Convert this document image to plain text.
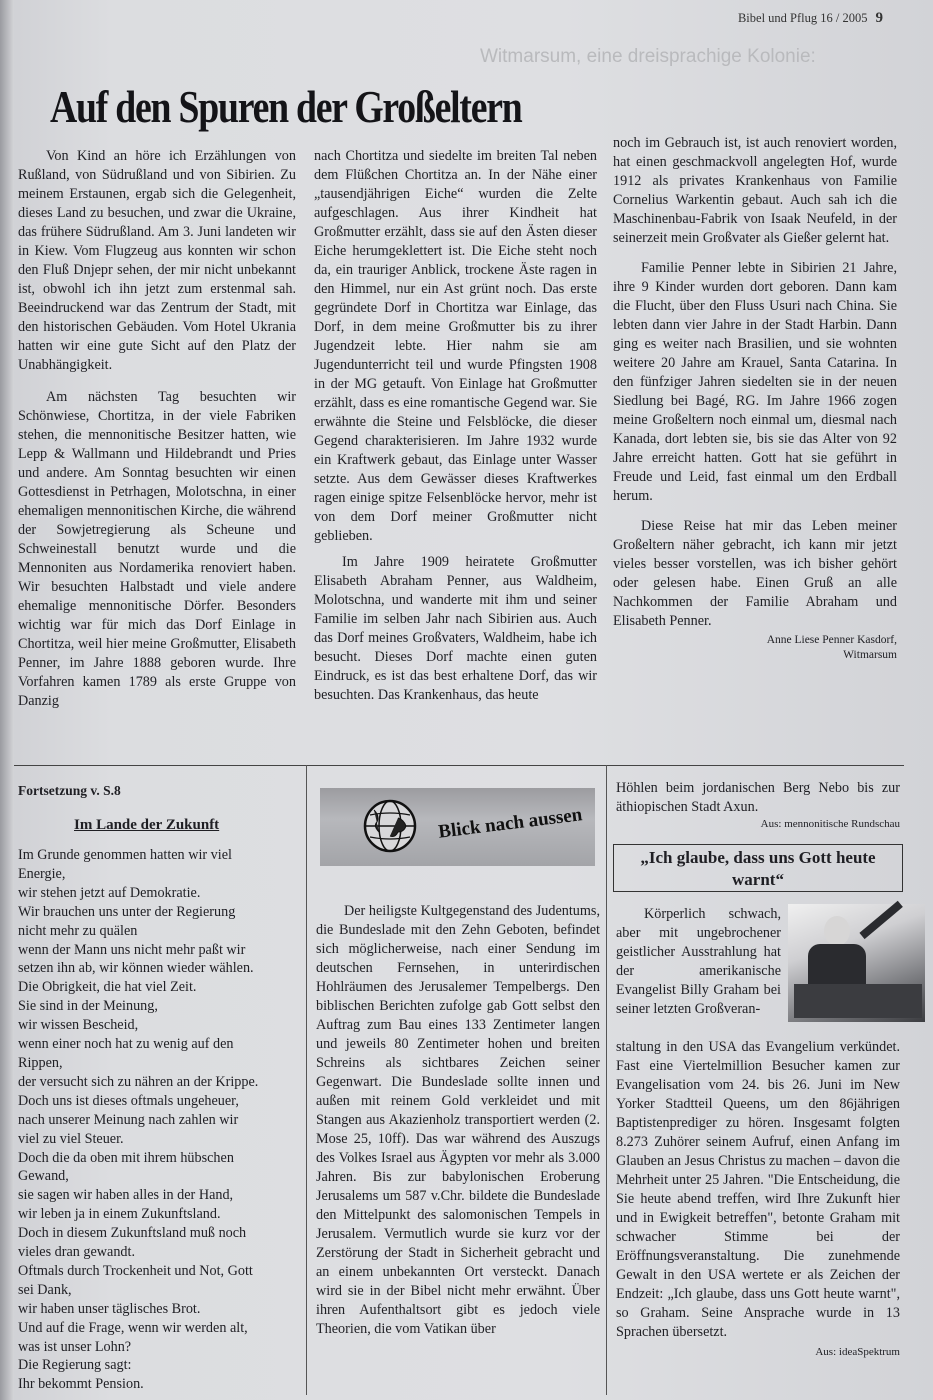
Bibel und Pflug 16 / 2005 9
Witmarsum, eine dreisprachige Kolonie:
Auf den Spuren der Großeltern

Von Kind an höre ich Erzählungen von Rußland, von Südrußland und von Sibirien. Zu meinem Erstaunen, ergab sich die Gelegenheit, dieses Land zu besuchen, und zwar die Ukraine, das frühere Südrußland. Am 3. Juni landeten wir in Kiew. Vom Flugzeug aus konnten wir schon den Fluß Dnjepr sehen, der mir nicht unbekannt ist, obwohl ich ihn jetzt zum erstenmal sah. Beeindruckend war das Zentrum der Stadt, mit den historischen Gebäuden. Vom Hotel Ukrania hatten wir eine gute Sicht auf den Platz der Unabhängigkeit.

Am nächsten Tag besuchten wir Schönwiese, Chortitza, in der viele Fabriken stehen, die mennonitische Besitzer hatten, wie Lepp & Wallmann und Hildebrandt und Pries und andere. Am Sonntag besuchten wir einen Gottesdienst in Petrhagen, Molotschna, in einer ehemaligen mennonitischen Kirche, die während der Sowjetregierung als Scheune und Schweinestall benutzt wurde und die Mennoniten aus Nordamerika renoviert haben. Wir besuchten Halbstadt und viele andere ehemalige mennonitische Dörfer. Besonders wichtig war für mich das Dorf Einlage in Chortitza, weil hier meine Großmutter, Elisabeth Penner, im Jahre 1888 geboren wurde. Ihre Vorfahren kamen 1789 als erste Gruppe von Danzig

nach Chortitza und siedelte im breiten Tal neben dem Flüßchen Chortitza an. In der Nähe einer „tausendjährigen Eiche“ wurden die Zelte aufgeschlagen. Aus ihrer Kindheit hat Großmutter erzählt, dass sie auf den Ästen dieser Eiche herumgeklettert ist. Die Eiche steht noch da, ein trauriger Anblick, trockene Äste ragen in den Himmel, nur ein Ast grünt noch. Das erste gegründete Dorf in Chortitza war Einlage, das Dorf, in dem meine Großmutter bis zu ihrer Jugendzeit lebte. Hier nahm sie am Jugendunterricht teil und wurde Pfingsten 1908 in der MG getauft. Von Einlage hat Großmutter erzählt, dass es eine romantische Gegend war. Sie erwähnte die Steine und Felsblöcke, die dieser Gegend charakterisieren. Im Jahre 1932 wurde ein Kraftwerk gebaut, das Einlage unter Wasser setzte. Aus dem Gewässer dieses Kraftwerkes ragen einige spitze Felsenblöcke hervor, mehr ist von dem Dorf meiner Großmutter nicht geblieben.

Im Jahre 1909 heiratete Großmutter Elisabeth Abraham Penner, aus Waldheim, Molotschna, und wanderte mit ihm und seiner Familie im selben Jahr nach Sibirien aus. Auch das Dorf meines Großvaters, Waldheim, habe ich besucht. Dieses Dorf machte einen guten Eindruck, es ist das best erhaltene Dorf, das wir besuchten. Das Krankenhaus, das heute

noch im Gebrauch ist, ist auch renoviert worden, hat einen geschmackvoll angelegten Hof, wurde 1912 als privates Krankenhaus von Familie Cornelius Warkentin gebaut. Auch sah ich die Maschinenbau-Fabrik von Isaak Neufeld, in der seinerzeit mein Großvater als Gießer gelernt hat.

Familie Penner lebte in Sibirien 21 Jahre, ihre 9 Kinder wurden dort geboren. Dann kam die Flucht, über den Fluss Usuri nach China. Sie lebten dann vier Jahre in der Stadt Harbin. Dann ging es weiter nach Brasilien, und sie wohnten weitere 20 Jahre am Krauel, Santa Catarina. In den fünfziger Jahren siedelten sie in der neuen Siedlung bei Bagé, RG. Im Jahre 1966 zogen meine Großeltern noch einmal um, diesmal nach Kanada, dort lebten sie, bis sie das Alter von 92 Jahre erreicht hatten. Gott hat sie geführt in Freude und Leid, fast einmal um den Erdball herum.

Diese Reise hat mir das Leben meiner Großeltern näher gebracht, ich kann mir jetzt vieles besser vorstellen, was ich bisher gehört oder gelesen habe. Einen Gruß an alle Nachkommen der Familie Abraham und Elisabeth Penner.

Anne Liese Penner Kasdorf,
Witmarsum
Fortsetzung v. S.8
Im Lande der Zukunft
Im Grunde genommen hatten wir viel
Energie,
wir stehen jetzt auf Demokratie.
Wir brauchen uns unter der Regierung
nicht mehr zu quälen
wenn der Mann uns nicht mehr paßt wir
setzen ihn ab, wir können wieder wählen.
Die Obrigkeit, die hat viel Zeit.
Sie sind in der Meinung,
wir wissen Bescheid,
wenn einer noch hat zu wenig auf den
Rippen,
der versucht sich zu nähren an der Krippe.
Doch uns ist dieses oftmals ungeheuer,
nach unserer Meinung nach zahlen wir
viel zu viel Steuer.
Doch die da oben mit ihrem hübschen
Gewand,
sie sagen wir haben alles in der Hand,
wir leben ja in einem Zukunftsland.
Doch in diesem Zukunftsland muß noch
vieles dran gewandt.
Oftmals durch Trockenheit und Not, Gott
sei Dank,
wir haben unser täglisches Brot.
Und auf die Frage, wenn wir werden alt,
was ist unser Lohn?
Die Regierung sagt:
Ihr bekommt Pension.
Blick nach aussen

Der heiligste Kultgegenstand des Judentums, die Bundeslade mit den Zehn Geboten, befindet sich möglicherweise, nach einer Sendung im deutschen Fernsehen, in unterirdischen Hohlräumen des Jerusalemer Tempelbergs. Den biblischen Berichten zufolge gab Gott selbst den Auftrag zum Bau eines 133 Zentimeter langen und jeweils 80 Zentimeter hohen und breiten Schreins als sichtbares Zeichen seiner Gegenwart. Die Bundeslade sollte innen und außen mit reinem Gold verkleidet und mit Stangen aus Akazienholz transportiert werden (2. Mose 25, 10ff). Das war während des Auszugs des Volkes Israel aus Ägypten vor mehr als 3.000 Jahren. Bis zur babylonischen Eroberung Jerusalems um 587 v.Chr. bildete die Bundeslade den Mittelpunkt des salomonischen Tempels in Jerusalem. Vermutlich wurde sie kurz vor der Zerstörung der Stadt in Sicherheit gebracht und an einem unbekannten Ort versteckt. Danach wird sie in der Bibel nicht mehr erwähnt. Über ihren Aufenthaltsort gibt es jedoch viele Theorien, die vom Vatikan über

Höhlen beim jordanischen Berg Nebo bis zur äthiopischen Stadt Axun.

Aus: mennonitische Rundschau
„Ich glaube, dass uns Gott heute warnt“

Körperlich schwach, aber mit ungebrochener geistlicher Ausstrahlung hat der amerikanische Evangelist Billy Graham bei seiner letzten Großveran-

staltung in den USA das Evangelium verkündet. Fast eine Viertelmillion Besucher kamen zur Evangelisation vom 24. bis 26. Juni im New Yorker Stadtteil Queens, um den 86jährigen Baptistenprediger zu hören. Insgesamt folgten 8.273 Zuhörer seinem Aufruf, einen Anfang im Glauben an Jesus Christus zu machen – davon die Mehrheit unter 25 Jahren. "Die Entscheidung, die Sie heute abend treffen, wird Ihre Zukunft hier und in Ewigkeit betreffen", betonte Graham mit schwacher Stimme bei der Eröffnungsveranstaltung. Die zunehmende Gewalt in den USA wertete er als Zeichen der Endzeit: „Ich glaube, dass uns Gott heute warnt", so Graham. Seine Ansprache wurde in 13 Sprachen übersetzt.

Aus: ideaSpektrum
